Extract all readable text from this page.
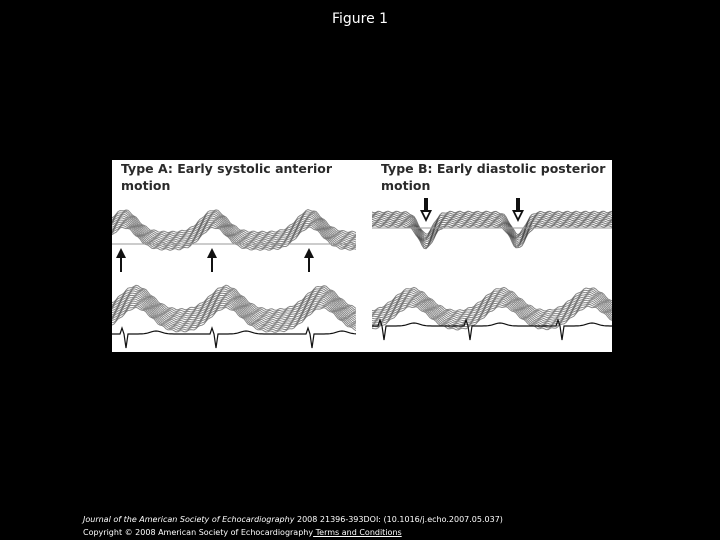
Figure 1
Type A: Early systolic anterior
motion
Type B: Early diastolic posterior
motion
Journal of the American Society of Echocardiography 2008 21396-393DOI: (10.1016/j.echo.2007.05.037)
Copyright © 2008 American Society of Echocardiography Terms and Conditions
